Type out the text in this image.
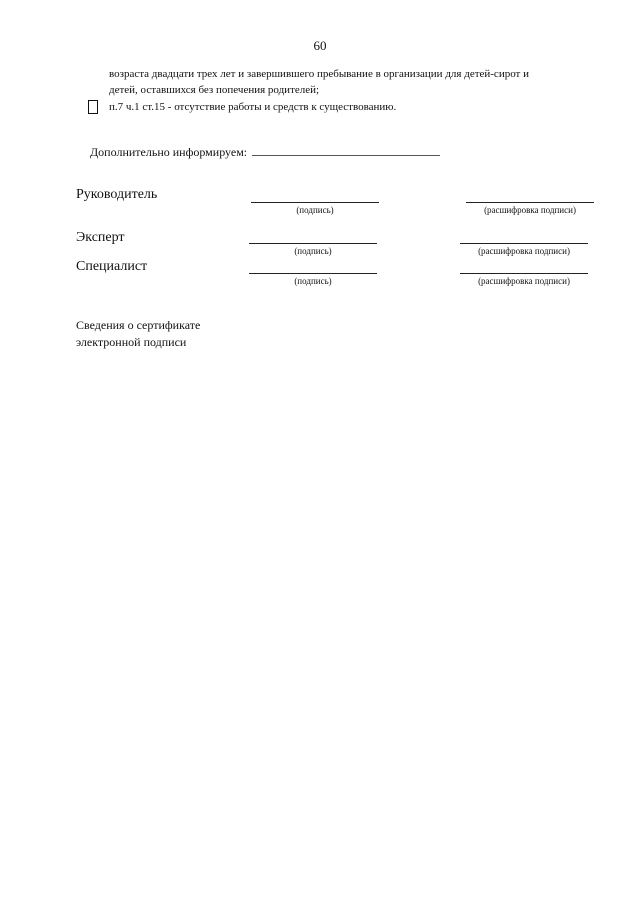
60
возраста двадцати трех лет и завершившего пребывание в организации для детей-сирот и
детей, оставшихся без попечения родителей;
п.7 ч.1 ст.15 - отсутствие работы и средств к существованию.
Дополнительно информируем:
Руководитель
(подпись)	(расшифровка подписи)
Эксперт
(подпись)	(расшифровка подписи)
Специалист
(подпись)	(расшифровка подписи)
Сведения о сертификате
электронной подписи
